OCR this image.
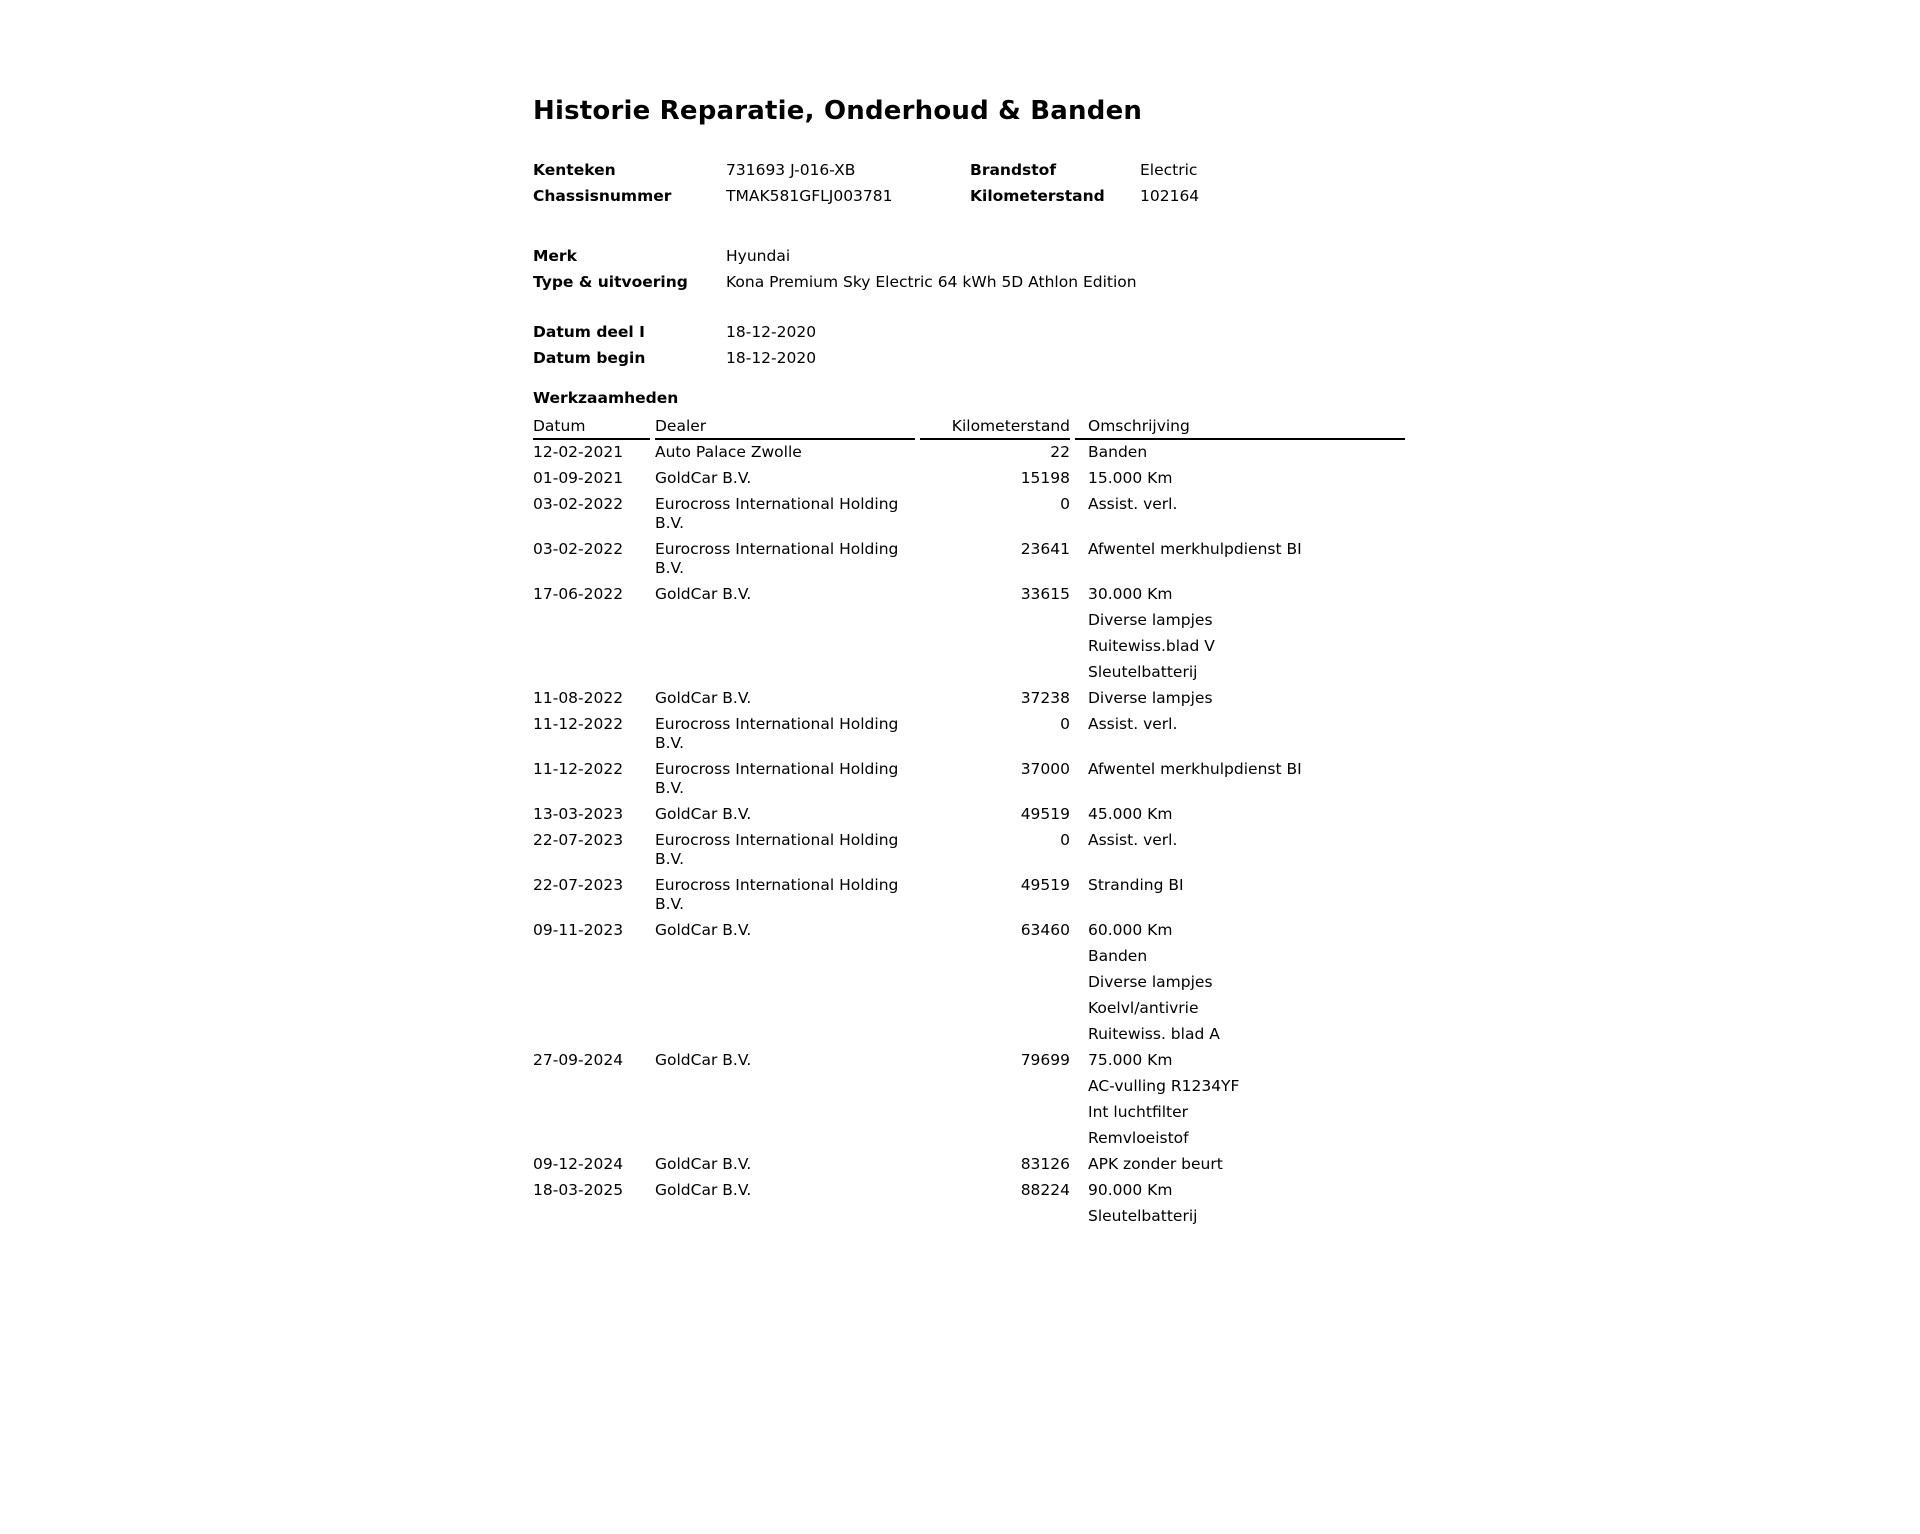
Historie Reparatie, Onderhoud & Banden
Kenteken	731693 J-016-XB	Brandstof	Electric
Chassisnummer	TMAK581GFLJ003781	Kilometerstand	102164
Merk	Hyundai
Type & uitvoering	Kona Premium Sky Electric 64 kWh 5D Athlon Edition
Datum deel I	18-12-2020
Datum begin	18-12-2020
Werkzaamheden
Datum	Dealer	Kilometerstand	Omschrijving
12-02-2021	Auto Palace Zwolle	22	Banden
01-09-2021	GoldCar B.V.	15198	15.000 Km
03-02-2022	Eurocross International Holding B.V.	0	Assist. verl.
03-02-2022	Eurocross International Holding B.V.	23641	Afwentel merkhulpdienst BI
17-06-2022	GoldCar B.V.	33615	30.000 Km
			Diverse lampjes
			Ruitewiss.blad V
			Sleutelbatterij
11-08-2022	GoldCar B.V.	37238	Diverse lampjes
11-12-2022	Eurocross International Holding B.V.	0	Assist. verl.
11-12-2022	Eurocross International Holding B.V.	37000	Afwentel merkhulpdienst BI
13-03-2023	GoldCar B.V.	49519	45.000 Km
22-07-2023	Eurocross International Holding B.V.	0	Assist. verl.
22-07-2023	Eurocross International Holding B.V.	49519	Stranding BI
09-11-2023	GoldCar B.V.	63460	60.000 Km
			Banden
			Diverse lampjes
			Koelvl/antivrie
			Ruitewiss. blad A
27-09-2024	GoldCar B.V.	79699	75.000 Km
			AC-vulling R1234YF
			Int luchtfilter
			Remvloeistof
09-12-2024	GoldCar B.V.	83126	APK zonder beurt
18-03-2025	GoldCar B.V.	88224	90.000 Km
			Sleutelbatterij
